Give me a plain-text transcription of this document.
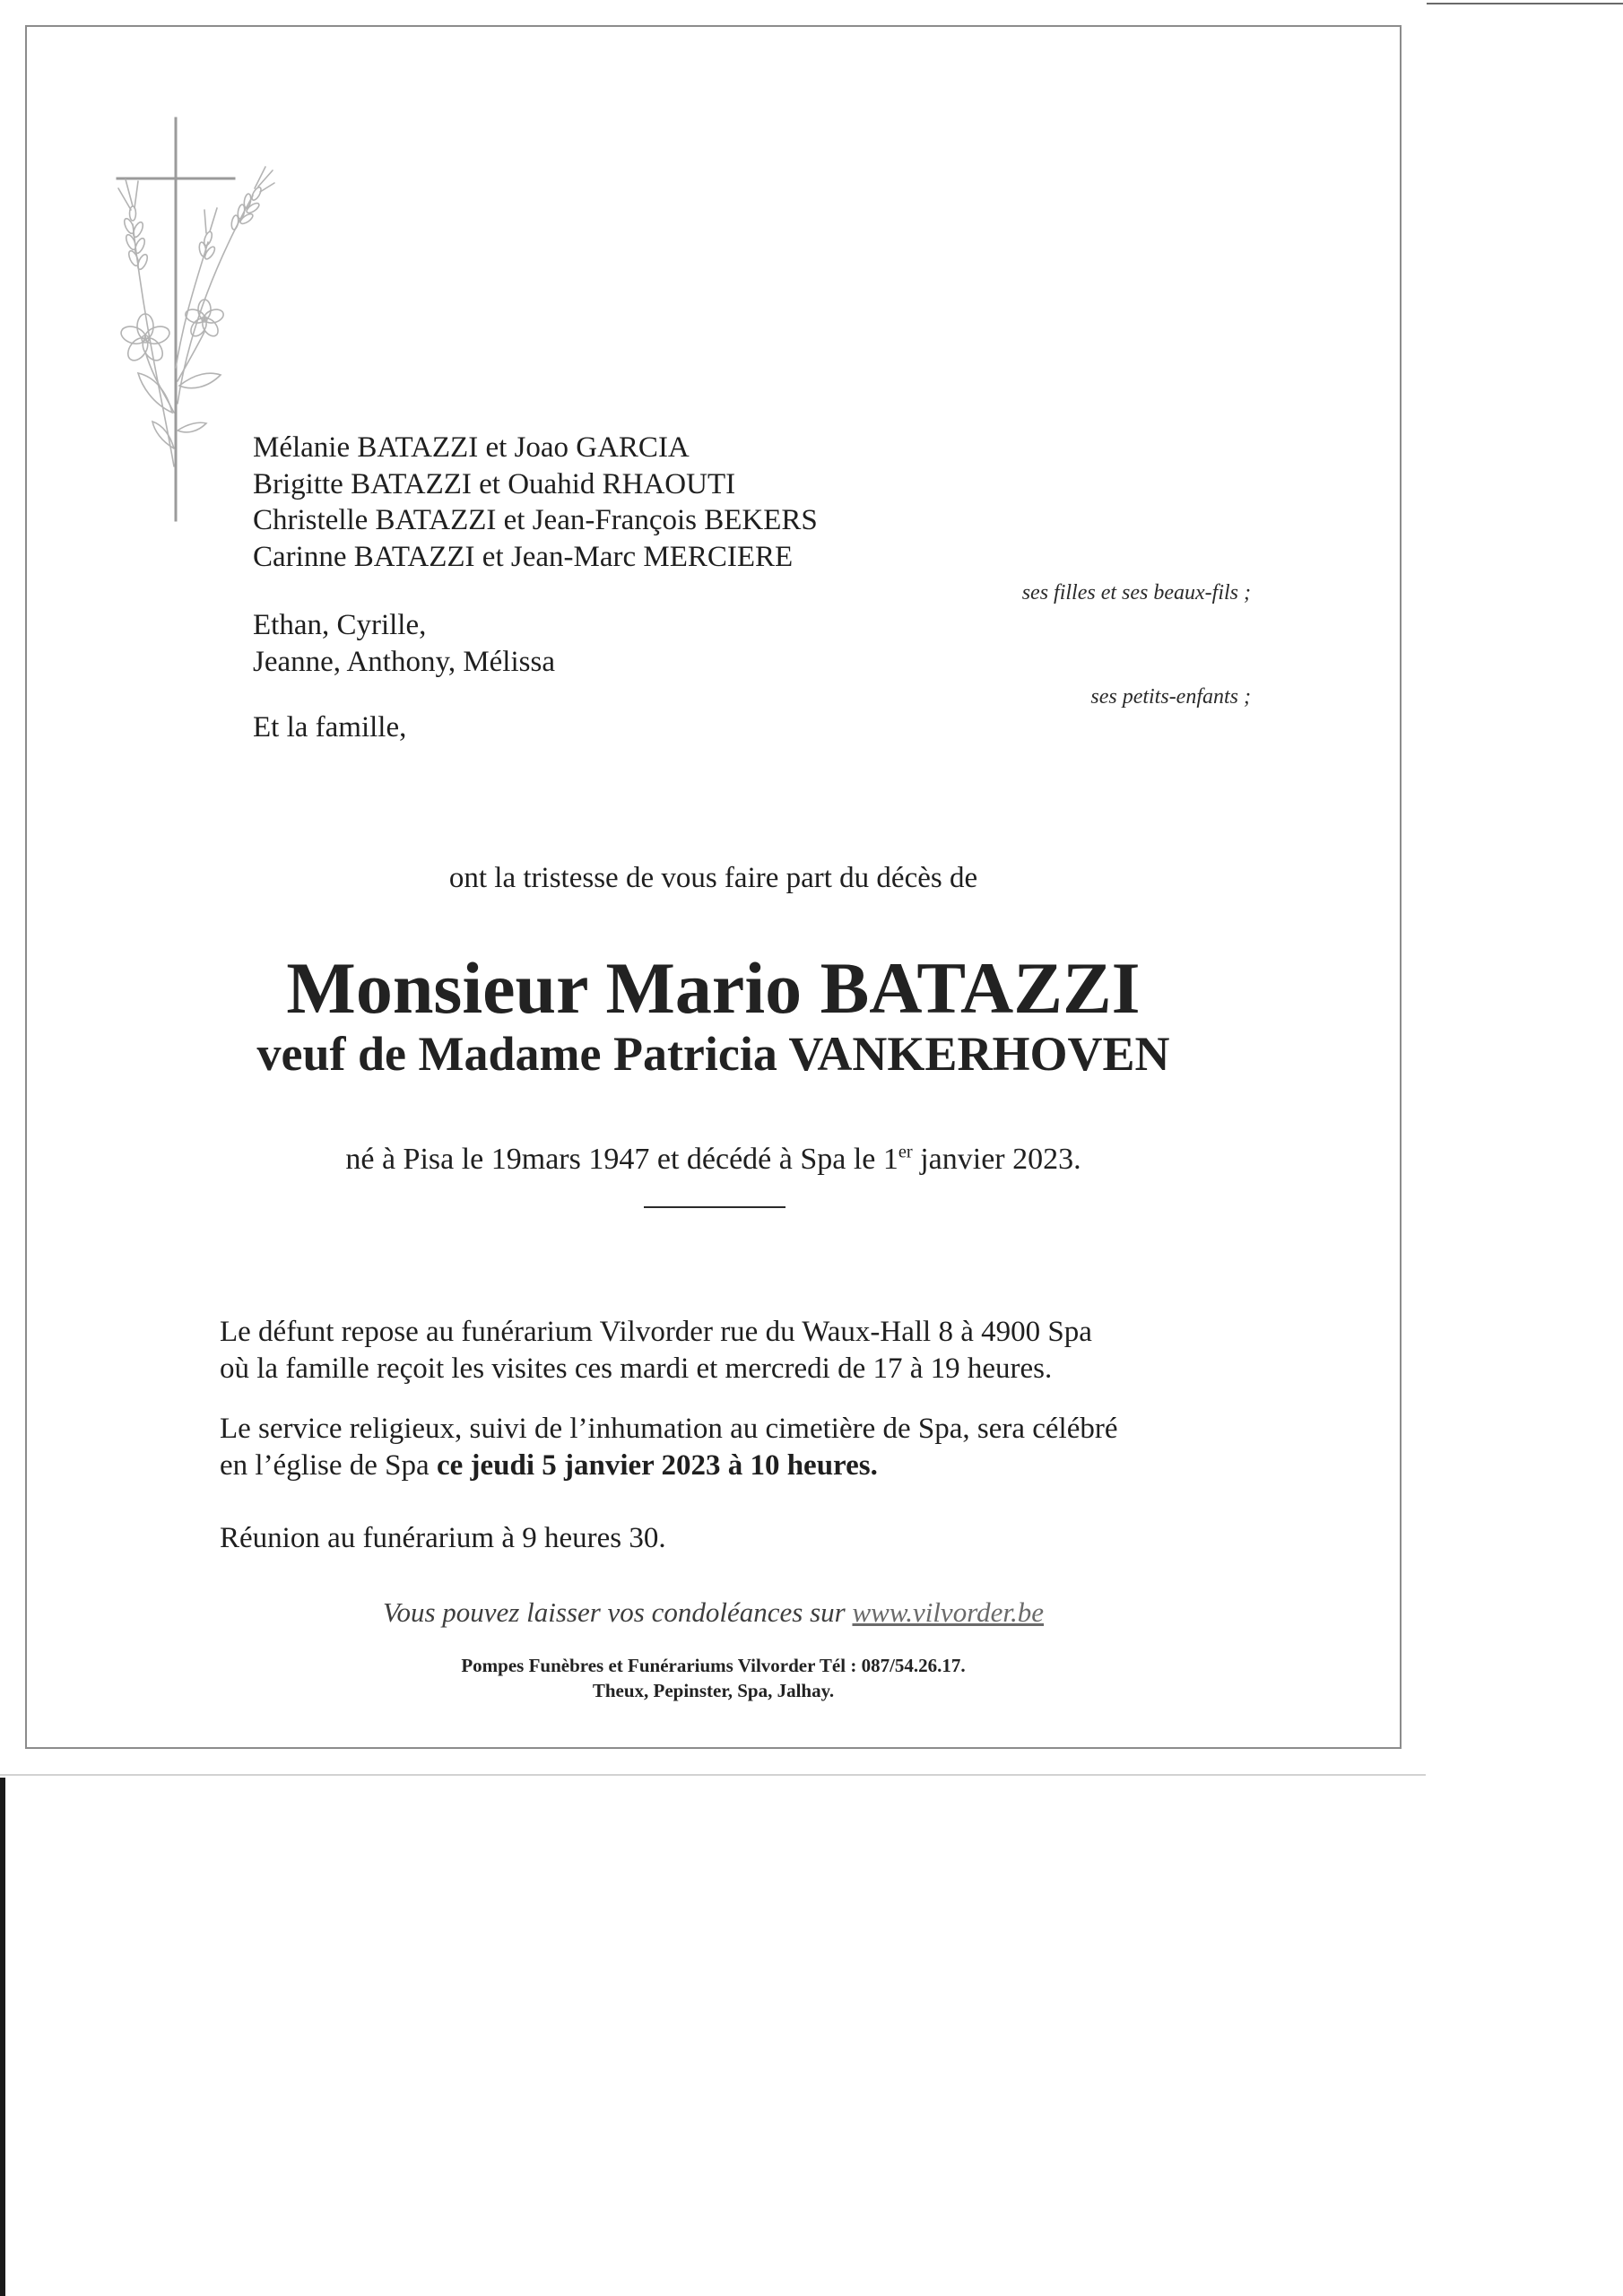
Mélanie BATAZZI et Joao GARCIA
Brigitte BATAZZI et Ouahid RHAOUTI
Christelle BATAZZI et Jean-François BEKERS
Carinne BATAZZI et Jean-Marc MERCIERE
ses filles et ses beaux-fils ;
Ethan, Cyrille,
Jeanne, Anthony, Mélissa
ses petits-enfants ;
Et la famille,
ont la tristesse de vous faire part du décès de
Monsieur Mario BATAZZI
veuf de Madame Patricia VANKERHOVEN
né à Pisa le 19mars 1947 et décédé à Spa le 1er janvier 2023.
Le défunt repose au funérarium Vilvorder rue du Waux-Hall 8 à 4900 Spa
où la famille reçoit les visites ces mardi et mercredi de 17 à 19 heures.
Le service religieux, suivi de l’inhumation au cimetière de Spa, sera célébré
en l’église de Spa ce jeudi 5 janvier 2023 à 10 heures.
Réunion au funérarium à 9 heures 30.
Vous pouvez laisser vos condoléances sur www.vilvorder.be
Pompes Funèbres et Funérariums Vilvorder Tél : 087/54.26.17.
Theux, Pepinster, Spa, Jalhay.
